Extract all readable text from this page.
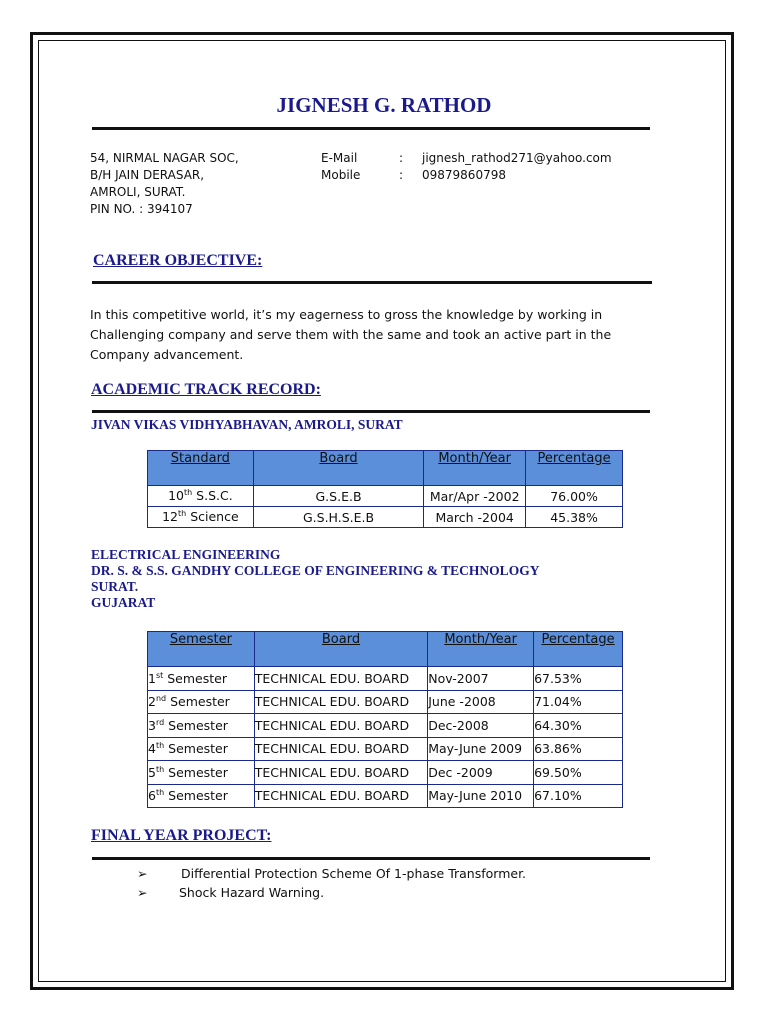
JIGNESH G. RATHOD
54, NIRMAL NAGAR SOC,
B/H JAIN DERASAR,
AMROLI, SURAT.
PIN NO. : 394107
E-Mail	: jignesh_rathod271@yahoo.com
Mobile	: 09879860798
CAREER OBJECTIVE:
In this competitive world, it’s my eagerness to gross the knowledge by working in
Challenging company and serve them with the same and took an active part in the
Company advancement.
ACADEMIC TRACK RECORD:
JIVAN VIKAS VIDHYABHAVAN, AMROLI, SURAT
Standard	Board	Month/Year	Percentage
10th S.S.C.	G.S.E.B	Mar/Apr -2002	76.00%
12th Science	G.S.H.S.E.B	March -2004	45.38%
ELECTRICAL ENGINEERING
DR. S. & S.S. GANDHY COLLEGE OF ENGINEERING & TECHNOLOGY
SURAT.
GUJARAT
Semester	Board	Month/Year	Percentage
1st Semester	TECHNICAL EDU. BOARD	Nov-2007	67.53%
2nd Semester	TECHNICAL EDU. BOARD	June -2008	71.04%
3rd Semester	TECHNICAL EDU. BOARD	Dec-2008	64.30%
4th Semester	TECHNICAL EDU. BOARD	May-June 2009	63.86%
5th Semester	TECHNICAL EDU. BOARD	Dec -2009	69.50%
6th Semester	TECHNICAL EDU. BOARD	May-June 2010	67.10%
FINAL YEAR PROJECT:
➢	Differential Protection Scheme Of 1-phase Transformer.
➢	Shock Hazard Warning.
